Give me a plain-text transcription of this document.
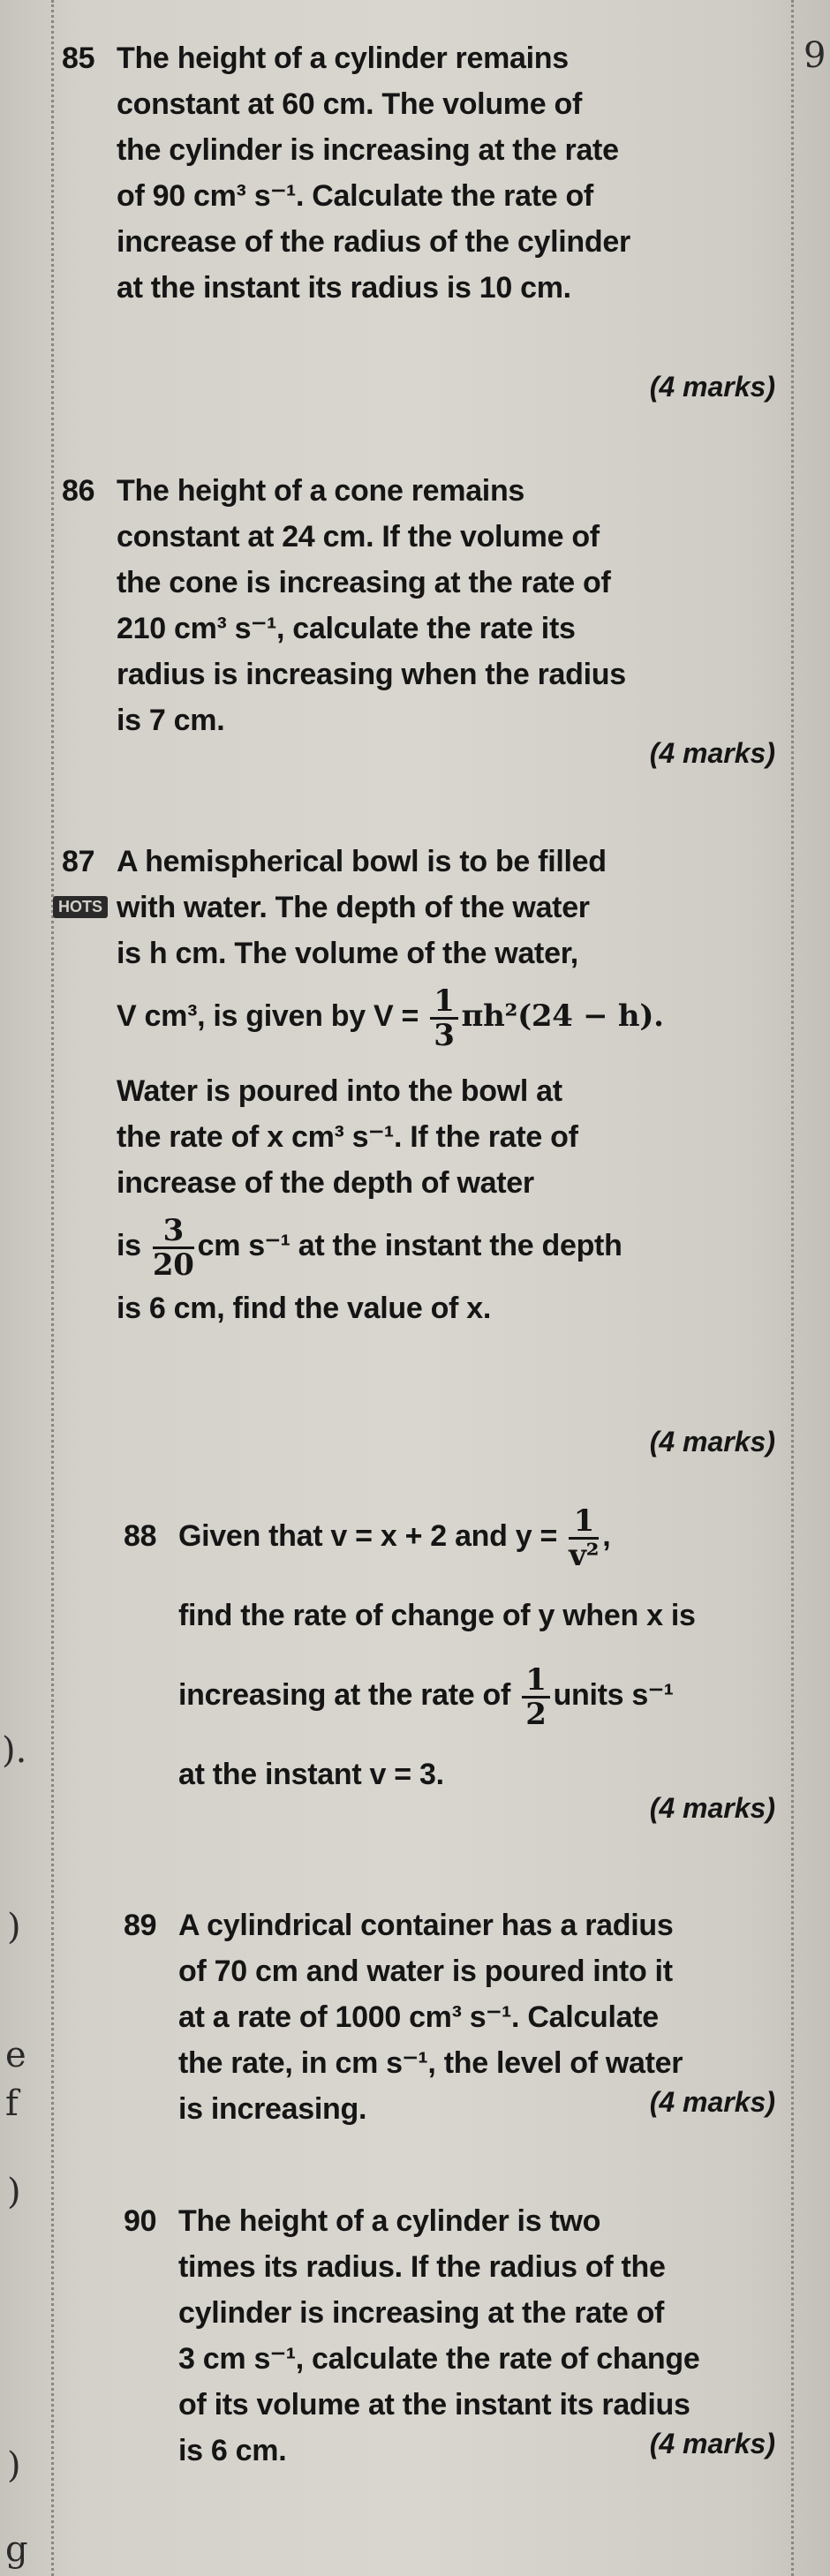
).
)
e
f
)
)
g
9
85 The height of a cylinder remains
constant at 60 cm. The volume of
the cylinder is increasing at the rate
of 90 cm³ s⁻¹. Calculate the rate of
increase of the radius of the cylinder
at the instant its radius is 10 cm.
(4 marks)
86 The height of a cone remains
constant at 24 cm. If the volume of
the cone is increasing at the rate of
210 cm³ s⁻¹, calculate the rate its
radius is increasing when the radius
is 7 cm.
(4 marks)
HOTS
87 A hemispherical bowl is to be filled
with water. The depth of the water
is h cm. The volume of the water,
V cm³, is given by $V = \frac{1}{3} \pi h^2(24 - h)$.
Water is poured into the bowl at
the rate of x cm³ s⁻¹. If the rate of
increase of the depth of water
is $\frac{3}{20}$ cm s⁻¹ at the instant the depth
is 6 cm, find the value of x.
(4 marks)
88 Given that v = x + 2 and $y = \frac{1}{\text{v²}}$ ,
find the rate of change of y when x is
increasing at the rate of $\frac{1}{2}$ units s⁻¹
at the instant v = 3.
(4 marks)
89 A cylindrical container has a radius
of 70 cm and water is poured into it
at a rate of 1000 cm³ s⁻¹. Calculate
the rate, in cm s⁻¹, the level of water
is increasing.	(4 marks)
90 The height of a cylinder is two
times its radius. If the radius of the
cylinder is increasing at the rate of
3 cm s⁻¹, calculate the rate of change
of its volume at the instant its radius
is 6 cm.	(4 marks)
